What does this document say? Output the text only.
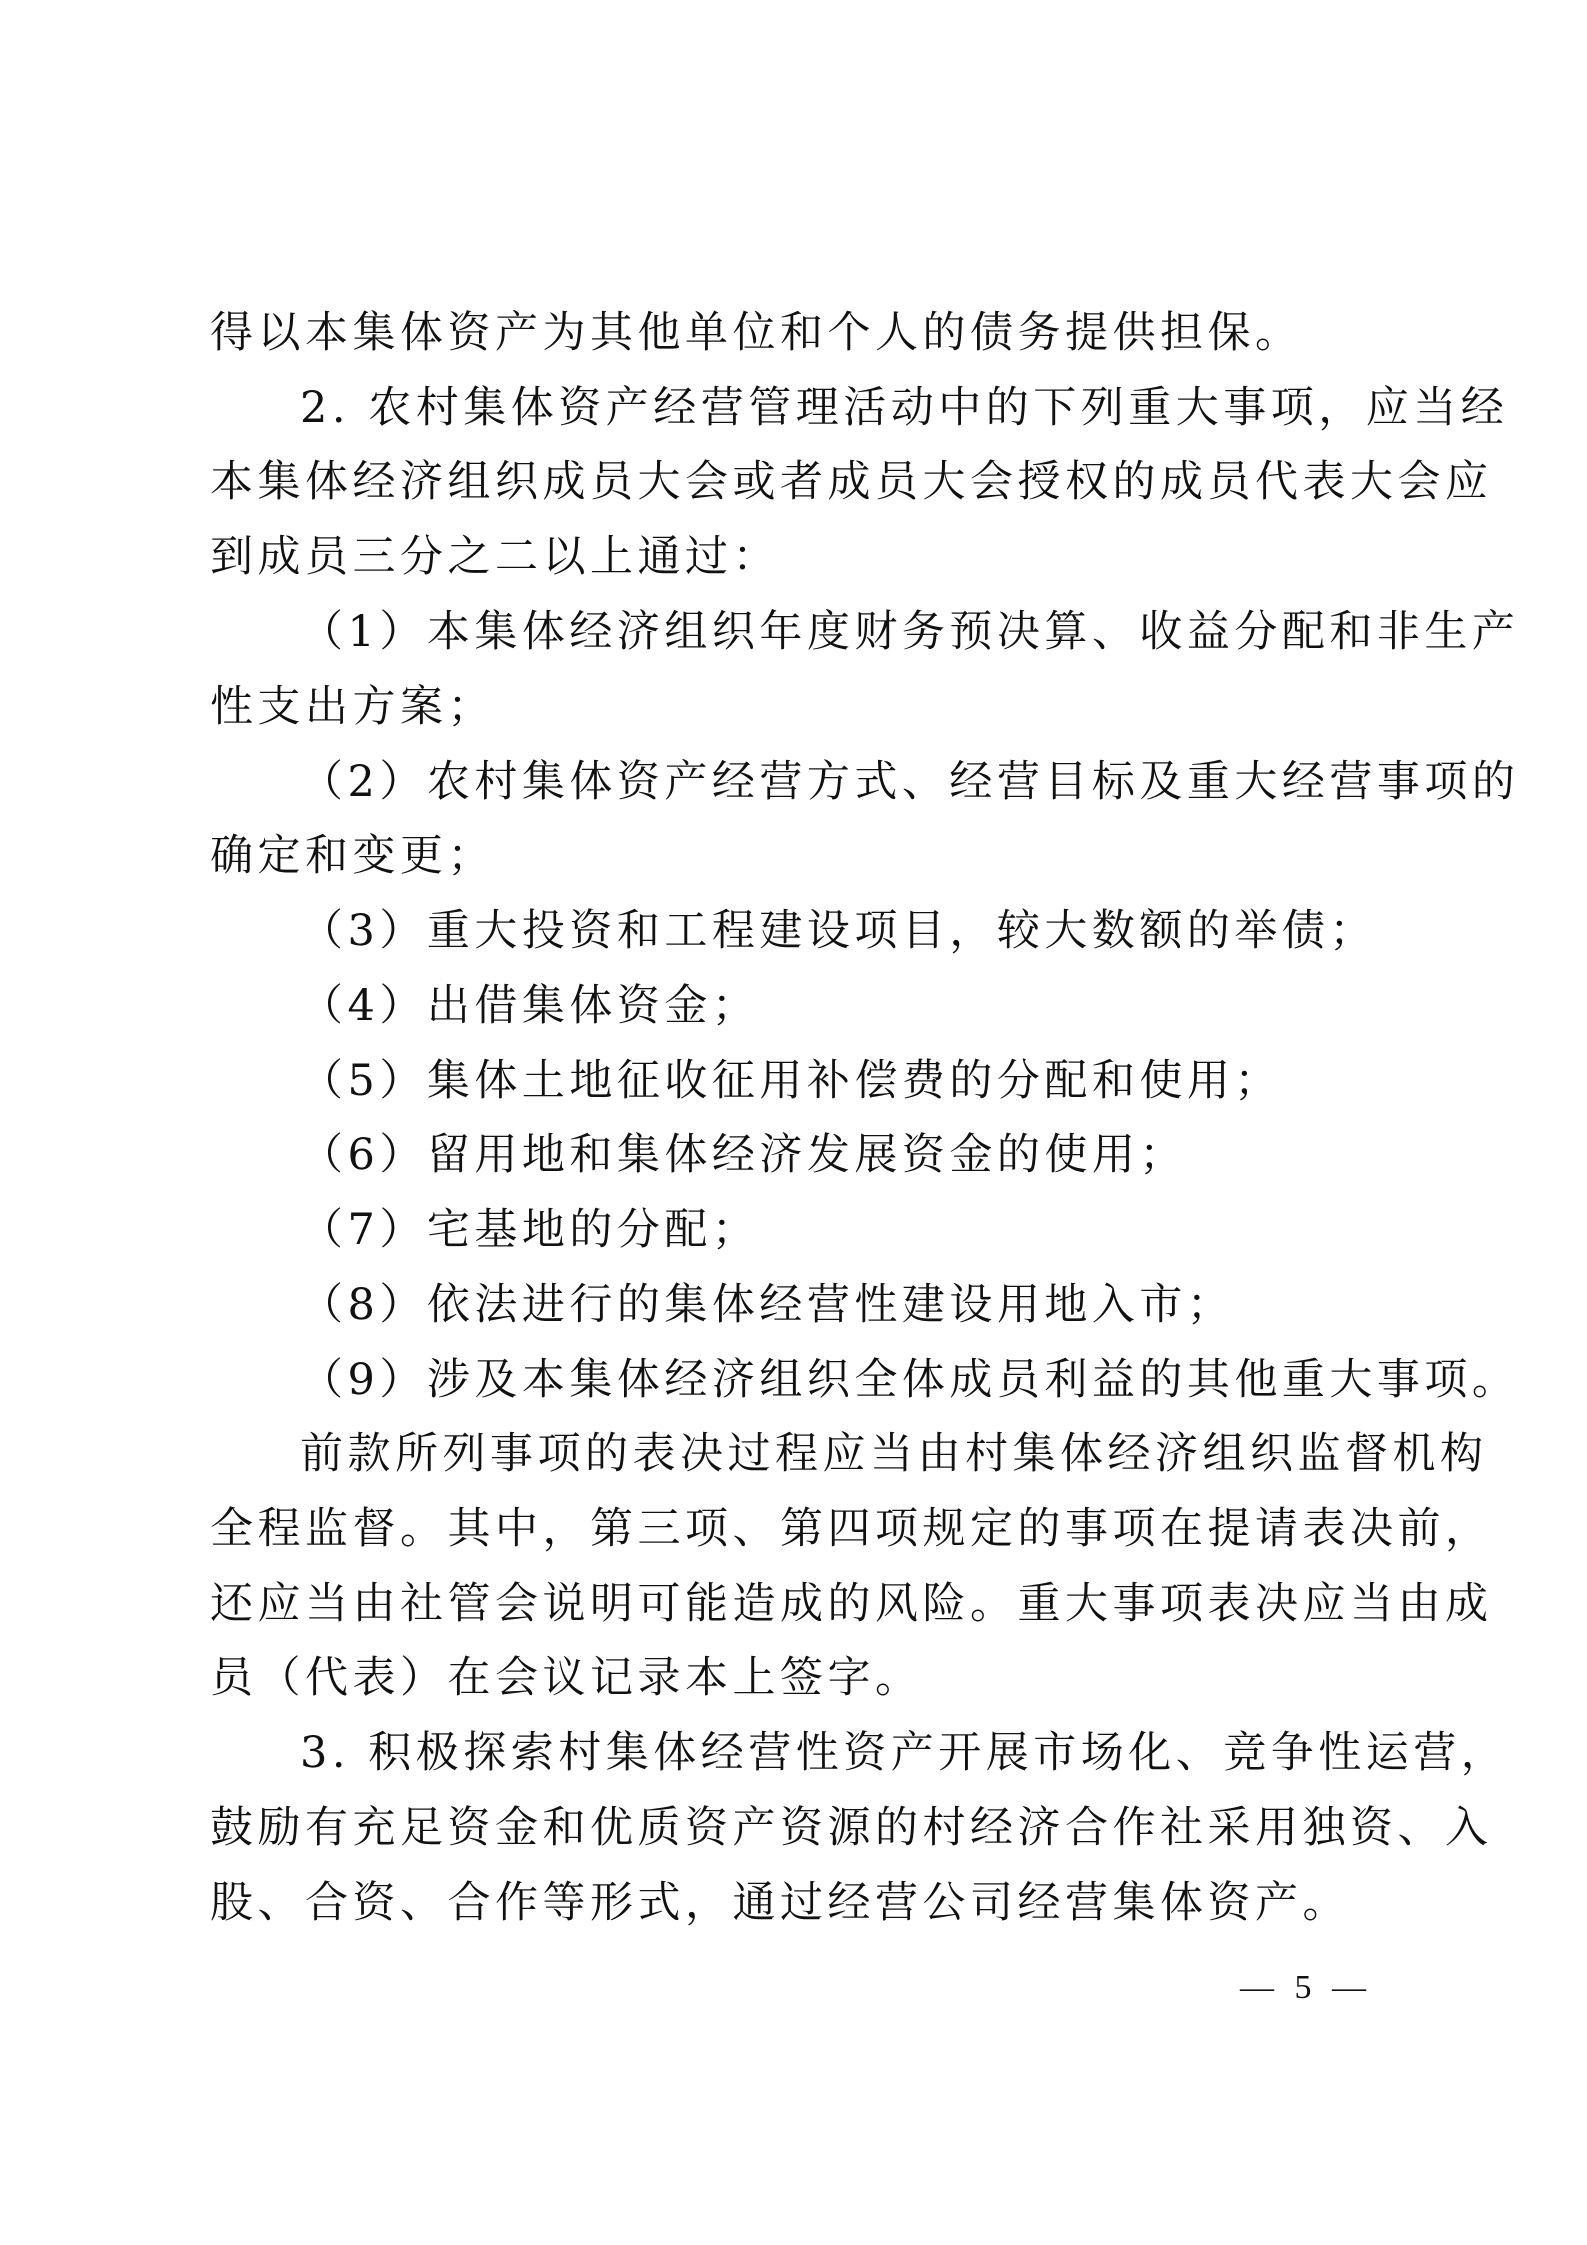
得以本集体资产为其他单位和个人的债务提供担保。
2. 农村集体资产经营管理活动中的下列重大事项，应当经
本集体经济组织成员大会或者成员大会授权的成员代表大会应
到成员三分之二以上通过：
（1）本集体经济组织年度财务预决算、收益分配和非生产
性支出方案；
（2）农村集体资产经营方式、经营目标及重大经营事项的
确定和变更；
（3）重大投资和工程建设项目，较大数额的举债；
（4）出借集体资金；
（5）集体土地征收征用补偿费的分配和使用；
（6）留用地和集体经济发展资金的使用；
（7）宅基地的分配；
（8）依法进行的集体经营性建设用地入市；
（9）涉及本集体经济组织全体成员利益的其他重大事项。
前款所列事项的表决过程应当由村集体经济组织监督机构
全程监督。其中，第三项、第四项规定的事项在提请表决前，
还应当由社管会说明可能造成的风险。重大事项表决应当由成
员（代表）在会议记录本上签字。
3. 积极探索村集体经营性资产开展市场化、竞争性运营，
鼓励有充足资金和优质资产资源的村经济合作社采用独资、入
股、合资、合作等形式，通过经营公司经营集体资产。
— 5 —
